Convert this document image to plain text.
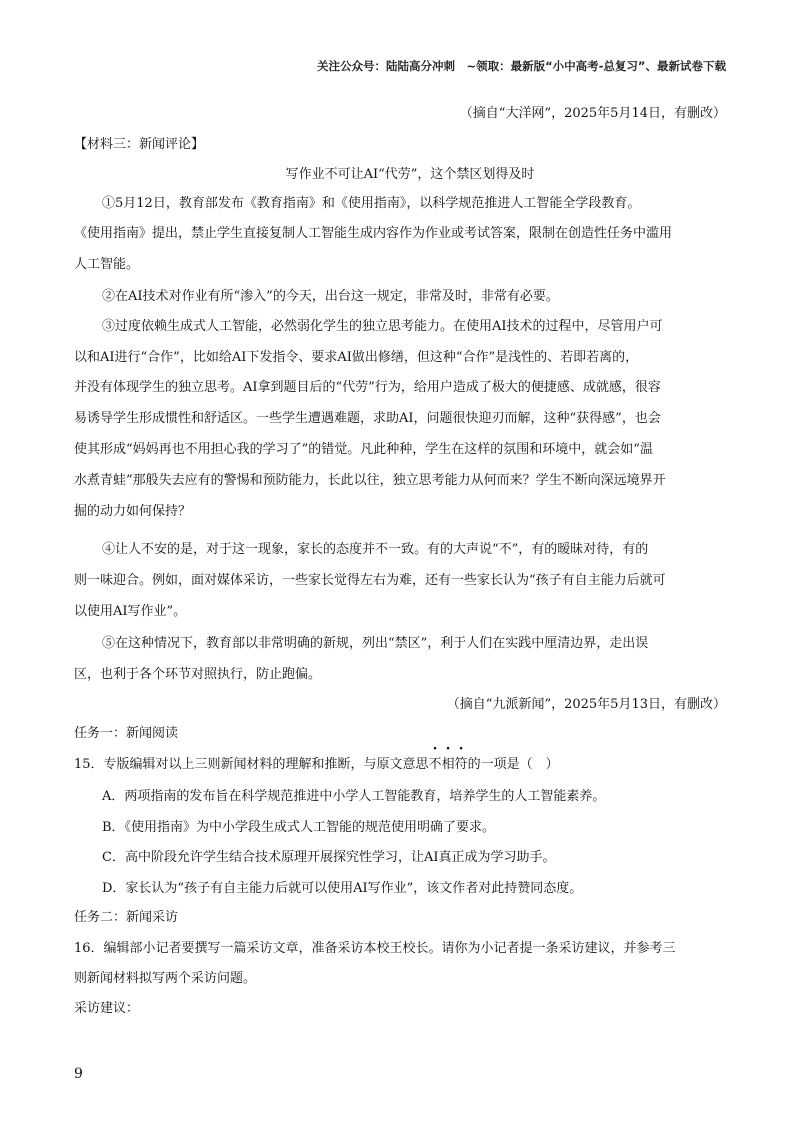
关注公众号：陆陆高分冲刺　~领取：最新版“小中高考-总复习”、最新试卷下载
（摘自“大洋网”，2025年5月14日，有删改）
【材料三：新闻评论】
写作业不可让AI“代劳”，这个禁区划得及时
①5月12日，教育部发布《教育指南》和《使用指南》，以科学规范推进人工智能全学段教育。
《使用指南》提出，禁止学生直接复制人工智能生成内容作为作业或考试答案，限制在创造性任务中滥用
人工智能。
②在AI技术对作业有所“渗入”的今天，出台这一规定，非常及时，非常有必要。
③过度依赖生成式人工智能，必然弱化学生的独立思考能力。在使用AI技术的过程中，尽管用户可
以和AI进行“合作”，比如给AI下发指令、要求AI做出修缮，但这种“合作”是浅性的、若即若离的，
并没有体现学生的独立思考。AI拿到题目后的“代劳”行为，给用户造成了极大的便捷感、成就感，很容
易诱导学生形成惯性和舒适区。一些学生遭遇难题，求助AI，问题很快迎刃而解，这种“获得感”，也会
使其形成“妈妈再也不用担心我的学习了”的错觉。凡此种种，学生在这样的氛围和环境中，就会如“温
水煮青蛙”那般失去应有的警惕和预防能力，长此以往，独立思考能力从何而来？学生不断向深远境界开
掘的动力如何保持？
④让人不安的是，对于这一现象，家长的态度并不一致。有的大声说“不”，有的暧昧对待，有的
则一味迎合。例如，面对媒体采访，一些家长觉得左右为难，还有一些家长认为“孩子有自主能力后就可
以使用AI写作业”。
⑤在这种情况下，教育部以非常明确的新规，列出“禁区”，利于人们在实践中厘清边界，走出误
区，也利于各个环节对照执行，防止跑偏。
（摘自“九派新闻”，2025年5月13日，有删改）
任务一：新闻阅读
15．专版编辑对以上三则新闻材料的理解和推断，与原文意思不相符的一项是（　）
A．两项指南的发布旨在科学规范推进中小学人工智能教育，培养学生的人工智能素养。
B．《使用指南》为中小学段生成式人工智能的规范使用明确了要求。
C．高中阶段允许学生结合技术原理开展探究性学习，让AI真正成为学习助手。
D．家长认为“孩子有自主能力后就可以使用AI写作业”，该文作者对此持赞同态度。
任务二：新闻采访
16．编辑部小记者要撰写一篇采访文章，准备采访本校王校长。请你为小记者提一条采访建议，并参考三
则新闻材料拟写两个采访问题。
采访建议：
9
